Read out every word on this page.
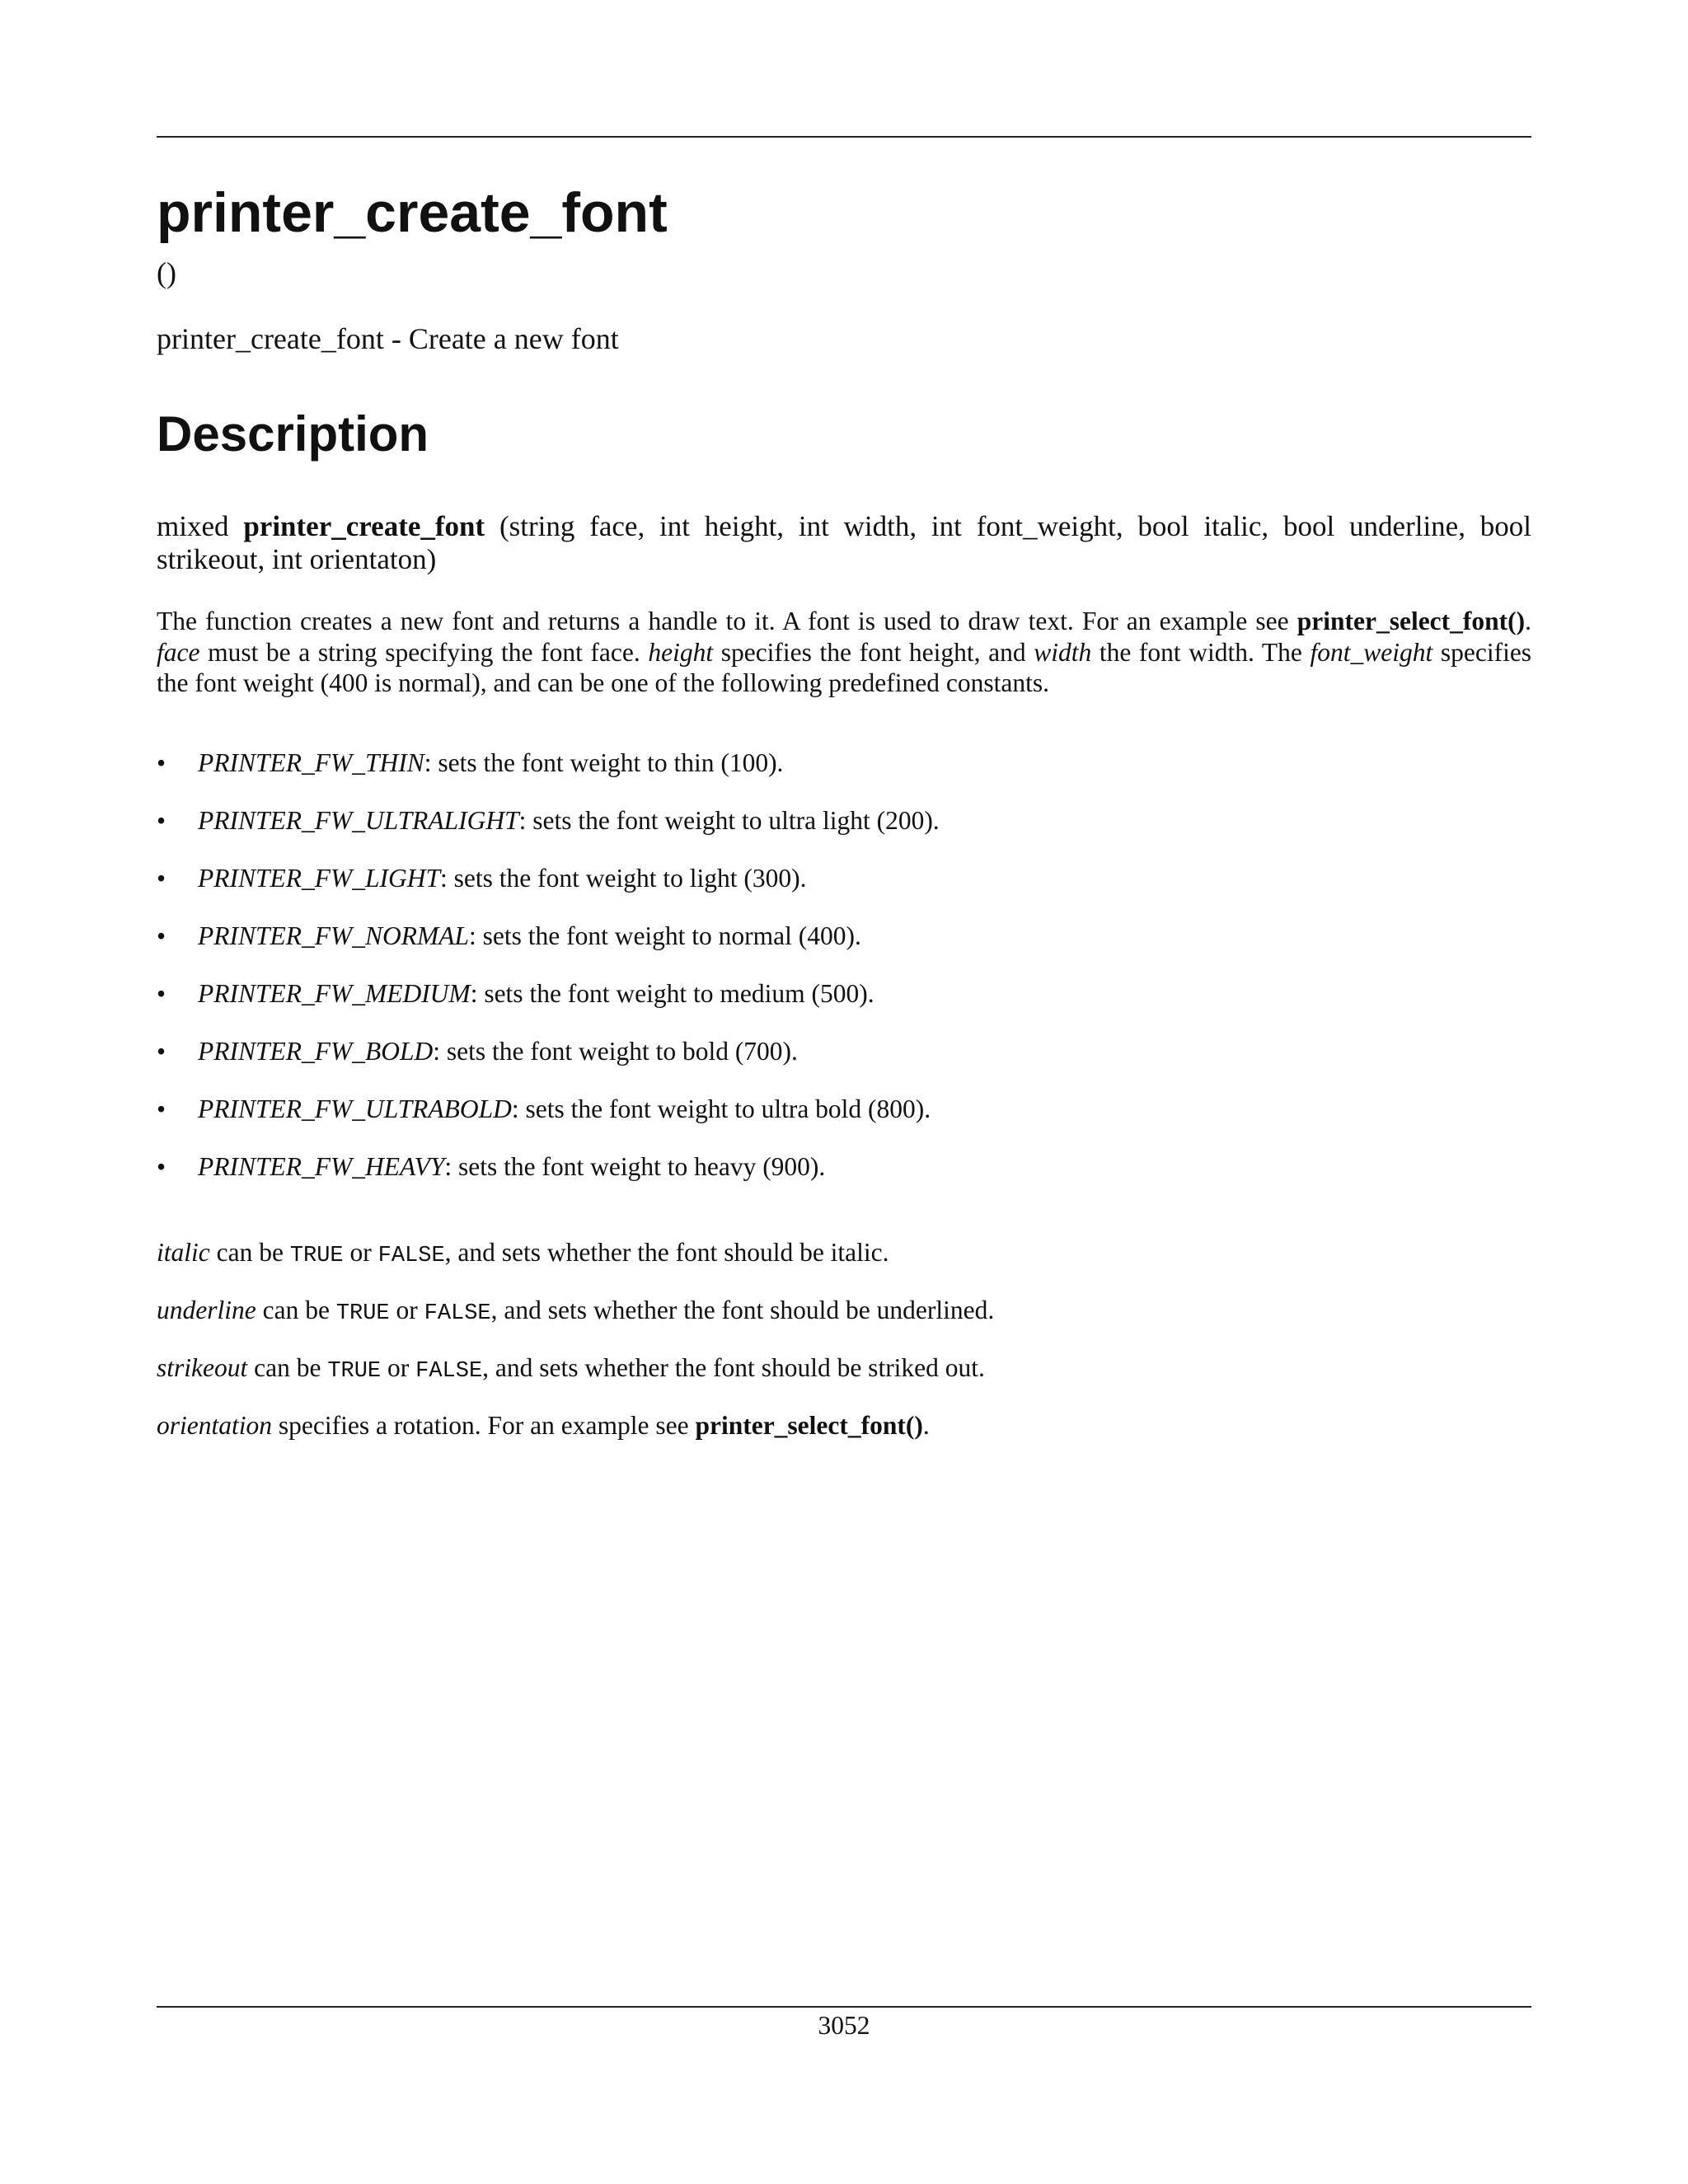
printer_create_font
()
printer_create_font - Create a new font
Description
mixed printer_create_font (string face, int height, int width, int font_weight, bool italic, bool underline, bool strikeout, int orientaton)
The function creates a new font and returns a handle to it. A font is used to draw text. For an example see printer_select_font(). face must be a string specifying the font face. height specifies the font height, and width the font width. The font_weight specifies the font weight (400 is normal), and can be one of the following predefined constants.
• PRINTER_FW_THIN: sets the font weight to thin (100).
• PRINTER_FW_ULTRALIGHT: sets the font weight to ultra light (200).
• PRINTER_FW_LIGHT: sets the font weight to light (300).
• PRINTER_FW_NORMAL: sets the font weight to normal (400).
• PRINTER_FW_MEDIUM: sets the font weight to medium (500).
• PRINTER_FW_BOLD: sets the font weight to bold (700).
• PRINTER_FW_ULTRABOLD: sets the font weight to ultra bold (800).
• PRINTER_FW_HEAVY: sets the font weight to heavy (900).
italic can be TRUE or FALSE, and sets whether the font should be italic.
underline can be TRUE or FALSE, and sets whether the font should be underlined.
strikeout can be TRUE or FALSE, and sets whether the font should be striked out.
orientation specifies a rotation. For an example see printer_select_font().
3052
